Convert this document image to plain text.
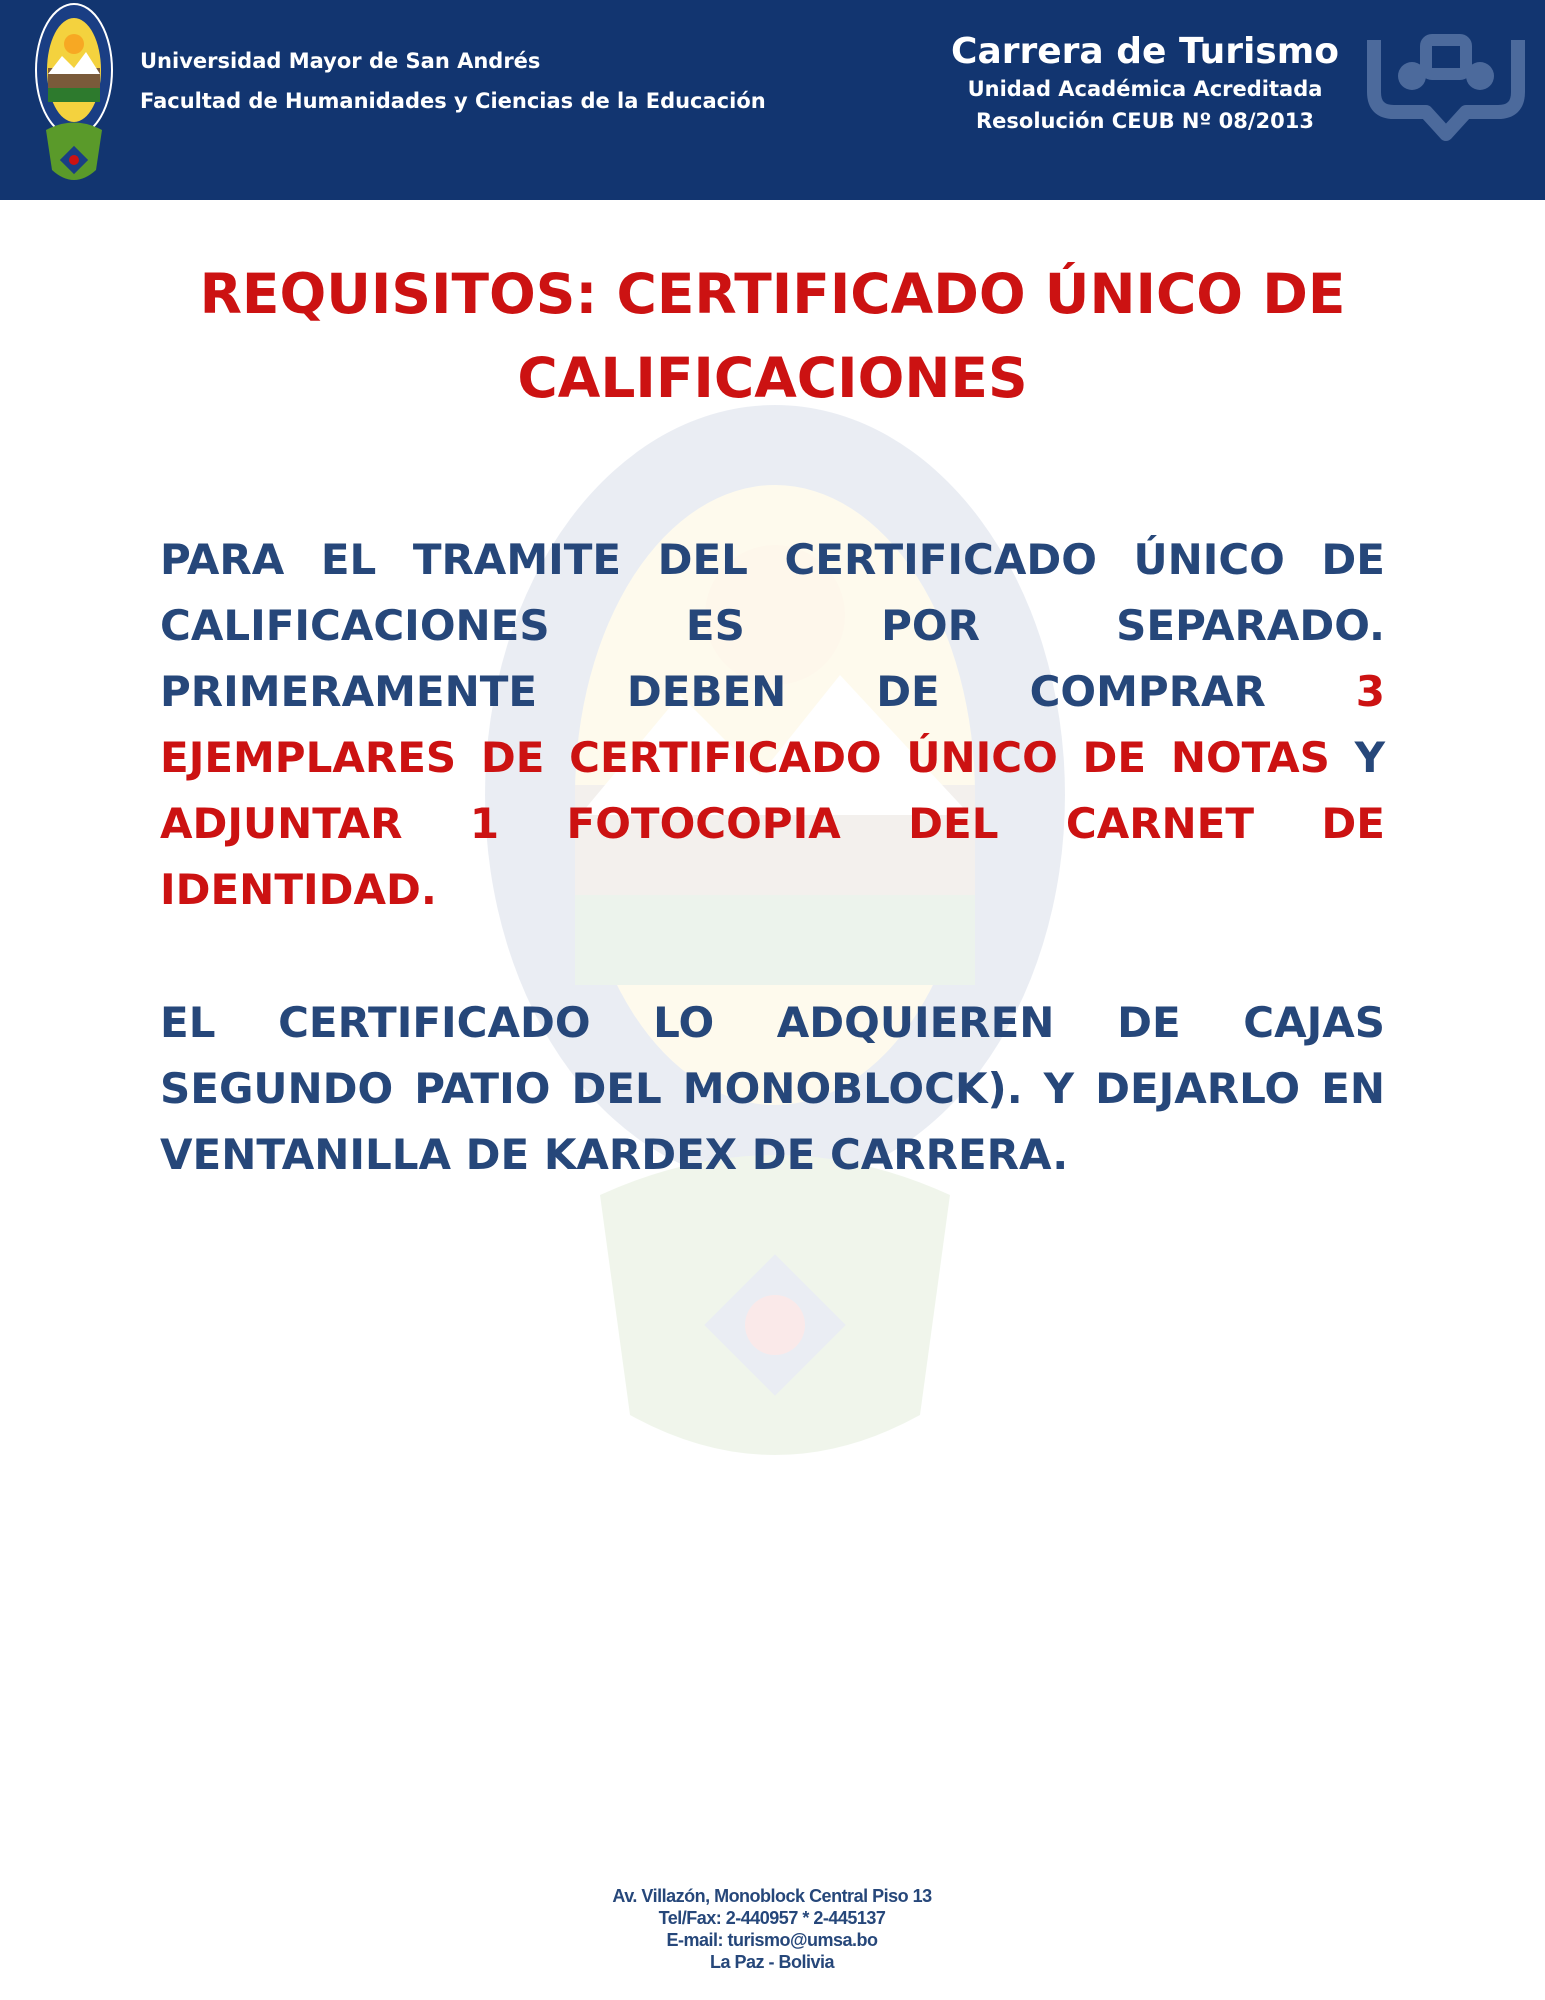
Universidad Mayor de San Andrés
Facultad de Humanidades y Ciencias de la Educación
Carrera de Turismo
Unidad Académica Acreditada
Resolución CEUB Nº 08/2013
REQUISITOS: CERTIFICADO ÚNICO DE CALIFICACIONES
PARA EL TRAMITE DEL CERTIFICADO ÚNICO DE CALIFICACIONES ES POR SEPARADO. PRIMERAMENTE DEBEN DE COMPRAR 3 EJEMPLARES DE CERTIFICADO ÚNICO DE NOTAS Y ADJUNTAR 1 FOTOCOPIA DEL CARNET DE IDENTIDAD.
EL CERTIFICADO LO ADQUIEREN DE CAJAS SEGUNDO PATIO DEL MONOBLOCK). Y DEJARLO EN VENTANILLA DE KARDEX DE CARRERA.
Av. Villazón, Monoblock Central Piso 13
Tel/Fax: 2-440957 * 2-445137
E-mail: turismo@umsa.bo
La Paz - Bolivia
